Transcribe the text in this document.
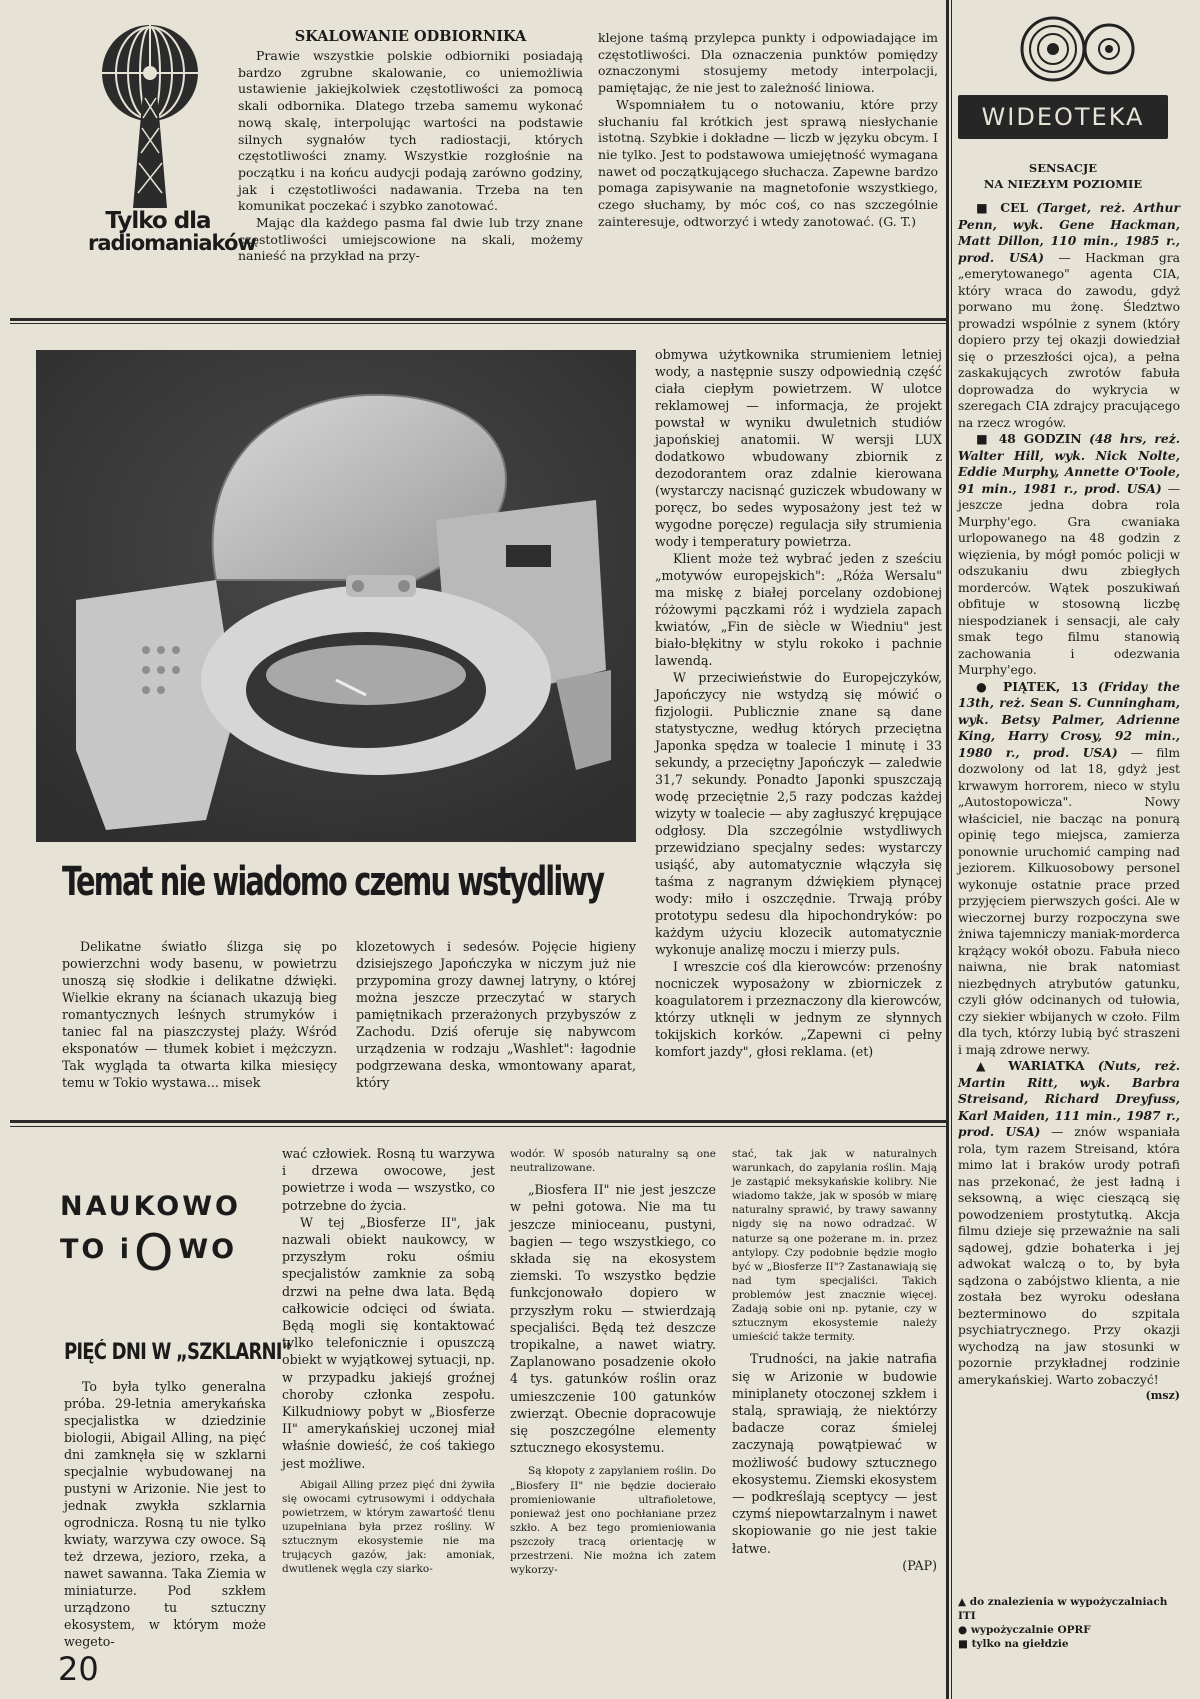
Tylko dla
radiomaniaków
SKALOWANIE ODBIORNIKA

Prawie wszystkie polskie odbiorniki posiadają bardzo zgrubne skalowanie, co uniemożliwia ustawienie jakiejkolwiek częstotliwości za pomocą skali odbornika. Dlatego trzeba samemu wykonać nową skalę, interpolując wartości na podstawie silnych sygnałów tych radiostacji, których częstotliwości znamy. Wszystkie rozgłośnie na początku i na końcu audycji podają zarówno godziny, jak i częstotliwości nadawania. Trzeba na ten komunikat poczekać i szybko zanotować.

Mając dla każdego pasma fal dwie lub trzy znane częstotliwości umiejscowione na skali, możemy nanieść na przykład na przy-

klejone taśmą przylepca punkty i odpowiadające im częstotliwości. Dla oznaczenia punktów pomiędzy oznaczonymi stosujemy metody interpolacji, pamiętając, że nie jest to zależność liniowa.

Wspomniałem tu o notowaniu, które przy słuchaniu fal krótkich jest sprawą niesłychanie istotną. Szybkie i dokładne — liczb w języku obcym. I nie tylko. Jest to podstawowa umiejętność wymagana nawet od początkującego słuchacza. Zapewne bardzo pomaga zapisywanie na magnetofonie wszystkiego, czego słuchamy, by móc coś, co nas szczególnie zainteresuje, odtworzyć i wtedy zanotować. (G. T.)

obmywa użytkownika strumieniem letniej wody, a następnie suszy odpowiednią część ciała ciepłym powietrzem. W ulotce reklamowej — informacja, że projekt powstał w wyniku dwuletnich studiów japońskiej anatomii. W wersji LUX dodatkowo wbudowany zbiornik z dezodorantem oraz zdalnie kierowana (wystarczy nacisnąć guziczek wbudowany w poręcz, bo sedes wyposażony jest też w wygodne poręcze) regulacja siły strumienia wody i temperatury powietrza.

Klient może też wybrać jeden z sześciu „motywów europejskich": „Róża Wersalu" ma miskę z białej porcelany ozdobionej różowymi pączkami róż i wydziela zapach kwiatów, „Fin de siècle w Wiedniu" jest biało-błękitny w stylu rokoko i pachnie lawendą.

W przeciwieństwie do Europejczyków, Japończycy nie wstydzą się mówić o fizjologii. Publicznie znane są dane statystyczne, według których przeciętna Japonka spędza w toalecie 1 minutę i 33 sekundy, a przeciętny Japończyk — zaledwie 31,7 sekundy. Ponadto Japonki spuszczają wodę przeciętnie 2,5 razy podczas każdej wizyty w toalecie — aby zagłuszyć krępujące odgłosy. Dla szczególnie wstydliwych przewidziano specjalny sedes: wystarczy usiąść, aby automatycznie włączyła się taśma z nagranym dźwiękiem płynącej wody: miło i oszczędnie. Trwają próby prototypu sedesu dla hipochondryków: po każdym użyciu klozecik automatycznie wykonuje analizę moczu i mierzy puls.

I wreszcie coś dla kierowców: przenośny nocniczek wyposażony w zbiorniczek z koagulatorem i przeznaczony dla kierowców, którzy utknęli w jednym ze słynnych tokijskich korków. „Zapewni ci pełny komfort jazdy", głosi reklama. (et)

Temat nie wiadomo czemu wstydliwy

Delikatne światło ślizga się po powierzchni wody basenu, w powietrzu unoszą się słodkie i delikatne dźwięki. Wielkie ekrany na ścianach ukazują bieg romantycznych leśnych strumyków i taniec fal na piaszczystej plaży. Wśród eksponatów — tłumek kobiet i mężczyzn. Tak wygląda ta otwarta kilka miesięcy temu w Tokio wystawa... misek

klozetowych i sedesów. Pojęcie higieny dzisiejszego Japończyka w niczym już nie przypomina grozy dawnej latryny, o której można jeszcze przeczytać w starych pamiętnikach przerażonych przybyszów z Zachodu. Dziś oferuje się nabywcom urządzenia w rodzaju „Washlet": łagodnie podgrzewana deska, wmontowany aparat, który

NAUKOWO
TO iOWO
PIĘĆ DNI W „SZKLARNI"

To była tylko generalna próba. 29-letnia amerykańska specjalistka w dziedzinie biologii, Abigail Alling, na pięć dni zamknęła się w szklarni specjalnie wybudowanej na pustyni w Arizonie. Nie jest to jednak zwykła szklarnia ogrodnicza. Rosną tu nie tylko kwiaty, warzywa czy owoce. Są też drzewa, jezioro, rzeka, a nawet sawanna. Taka Ziemia w miniaturze. Pod szkłem urządzono tu sztuczny ekosystem, w którym może wegeto-

wać człowiek. Rosną tu warzywa i drzewa owocowe, jest powietrze i woda — wszystko, co potrzebne do życia.

W tej „Biosferze II", jak nazwali obiekt naukowcy, w przyszłym roku ośmiu specjalistów zamknie za sobą drzwi na pełne dwa lata. Będą całkowicie odcięci od świata. Będą mogli się kontaktować tylko telefonicznie i opuszczą obiekt w wyjątkowej sytuacji, np. w przypadku jakiejś groźnej choroby członka zespołu. Kilkudniowy pobyt w „Biosferze II" amerykańskiej uczonej miał właśnie dowieść, że coś takiego jest możliwe.

Abigail Alling przez pięć dni żywiła się owocami cytrusowymi i oddychała powietrzem, w którym zawartość tlenu uzupełniana była przez rośliny. W sztucznym ekosystemie nie ma trujących gazów, jak: amoniak, dwutlenek węgla czy siarko-

wodór. W sposób naturalny są one neutralizowane.

„Biosfera II" nie jest jeszcze w pełni gotowa. Nie ma tu jeszcze minioceanu, pustyni, bagien — tego wszystkiego, co składa się na ekosystem ziemski. To wszystko będzie funkcjonowało dopiero w przyszłym roku — stwierdzają specjaliści. Będą też deszcze tropikalne, a nawet wiatry. Zaplanowano posadzenie około 4 tys. gatunków roślin oraz umieszczenie 100 gatunków zwierząt. Obecnie dopracowuje się poszczególne elementy sztucznego ekosystemu.

Są kłopoty z zapylaniem roślin. Do „Biosfery II" nie będzie docierało promieniowanie ultrafioletowe, ponieważ jest ono pochłaniane przez szkło. A bez tego promieniowania pszczoły tracą orientację w przestrzeni. Nie można ich zatem wykorzy-

stać, tak jak w naturalnych warunkach, do zapylania roślin. Mają je zastąpić meksykańskie kolibry. Nie wiadomo także, jak w sposób w miarę naturalny sprawić, by trawy sawanny nigdy się na nowo odradzać. W naturze są one pożerane m. in. przez antylopy. Czy podobnie będzie mogło być w „Biosferze II"? Zastanawiają się nad tym specjaliści. Takich problemów jest znacznie więcej. Zadają sobie oni np. pytanie, czy w sztucznym ekosystemie należy umieścić także termity.

Trudności, na jakie natrafia się w Arizonie w budowie miniplanety otoczonej szkłem i stalą, sprawiają, że niektórzy badacze coraz śmielej zaczynają powątpiewać w możliwość budowy sztucznego ekosystemu. Ziemski ekosystem — podkreślają sceptycy — jest czymś niepowtarzalnym i nawet skopiowanie go nie jest takie łatwe.

(PAP)
20
WIDEOTEKA
SENSACJE
NA NIEZŁYM POZIOMIE

■ CEL (Target, reż. Arthur Penn, wyk. Gene Hackman, Matt Dillon, 110 min., 1985 r., prod. USA) — Hackman gra „emerytowanego" agenta CIA, który wraca do zawodu, gdyż porwano mu żonę. Śledztwo prowadzi wspólnie z synem (który dopiero przy tej okazji dowiedział się o przeszłości ojca), a pełna zaskakujących zwrotów fabuła doprowadza do wykrycia w szeregach CIA zdrajcy pracującego na rzecz wrogów.

■ 48 GODZIN (48 hrs, reż. Walter Hill, wyk. Nick Nolte, Eddie Murphy, Annette O'Toole, 91 min., 1981 r., prod. USA) — jeszcze jedna dobra rola Murphy'ego. Gra cwaniaka urlopowanego na 48 godzin z więzienia, by mógł pomóc policji w odszukaniu dwu zbiegłych morderców. Wątek poszukiwań obfituje w stosowną liczbę niespodzianek i sensacji, ale cały smak tego filmu stanowią zachowania i odezwania Murphy'ego.

● PIĄTEK, 13 (Friday the 13th, reż. Sean S. Cunningham, wyk. Betsy Palmer, Adrienne King, Harry Crosy, 92 min., 1980 r., prod. USA) — film dozwolony od lat 18, gdyż jest krwawym horrorem, nieco w stylu „Autostopowicza". Nowy właściciel, nie bacząc na ponurą opinię tego miejsca, zamierza ponownie uruchomić camping nad jeziorem. Kilkuosobowy personel wykonuje ostatnie prace przed przyjęciem pierwszych gości. Ale w wieczornej burzy rozpoczyna swe żniwa tajemniczy maniak-morderca krążący wokół obozu. Fabuła nieco naiwna, nie brak natomiast niezbędnych atrybutów gatunku, czyli głów odcinanych od tułowia, czy siekier wbijanych w czoło. Film dla tych, którzy lubią być straszeni i mają zdrowe nerwy.

▲ WARIATKA (Nuts, reż. Martin Ritt, wyk. Barbra Streisand, Richard Dreyfuss, Karl Maiden, 111 min., 1987 r., prod. USA) — znów wspaniała rola, tym razem Streisand, która mimo lat i braków urody potrafi nas przekonać, że jest ładną i seksowną, a więc cieszącą się powodzeniem prostytutką. Akcja filmu dzieje się przeważnie na sali sądowej, gdzie bohaterka i jej adwokat walczą o to, by była sądzona o zabójstwo klienta, a nie została bez wyroku odesłana bezterminowo do szpitala psychiatrycznego. Przy okazji wychodzą na jaw stosunki w pozornie przykładnej rodzinie amerykańskiej. Warto zobaczyć!

(msz)
▲ do znalezienia w wypożyczalniach ITI
● wypożyczalnie OPRF
■ tylko na giełdzie
